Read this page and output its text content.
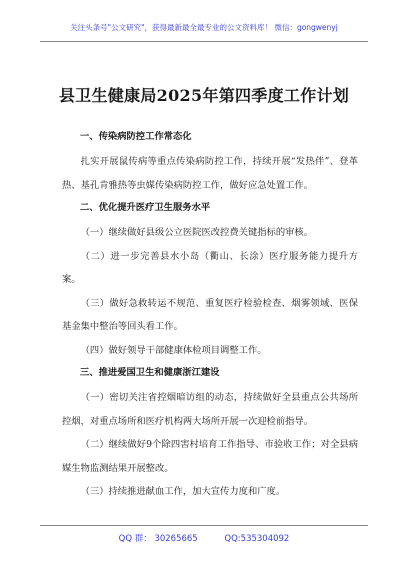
关注头条号"公文研究"，获得最新最全最专业的公文资料库！ 微信：gongwenyj
县卫生健康局2025年第四季度工作计划
一、传染病防控工作常态化

扎实开展鼠传病等重点传染病防控工作，持续开展“发热伴”、登革热、基孔肯雅热等虫媒传染病防控工作，做好应急处置工作。

二、优化提升医疗卫生服务水平

（一）继续做好县级公立医院医改控费关键指标的审核。

（二）进一步完善县水小岛（衢山、长涂）医疗服务能力提升方案。

（三）做好急救转运不规范、重复医疗检验检查、烟雾领域、医保基金集中整治等回头看工作。

（四）做好领导干部健康体检项目调整工作。

三、推进爱国卫生和健康浙江建设

（一）密切关注省控烟暗访组的动态，持续做好全县重点公共场所控烟，对重点场所和医疗机构两大场所开展一次迎检前指导。

（二）继续做好9个除四害村培育工作指导、市验收工作；对全县病媒生物监测结果开展整改。

（三）持续推进献血工作，加大宣传力度和广度。

QQ 群： 30265665	QQ:535304092
